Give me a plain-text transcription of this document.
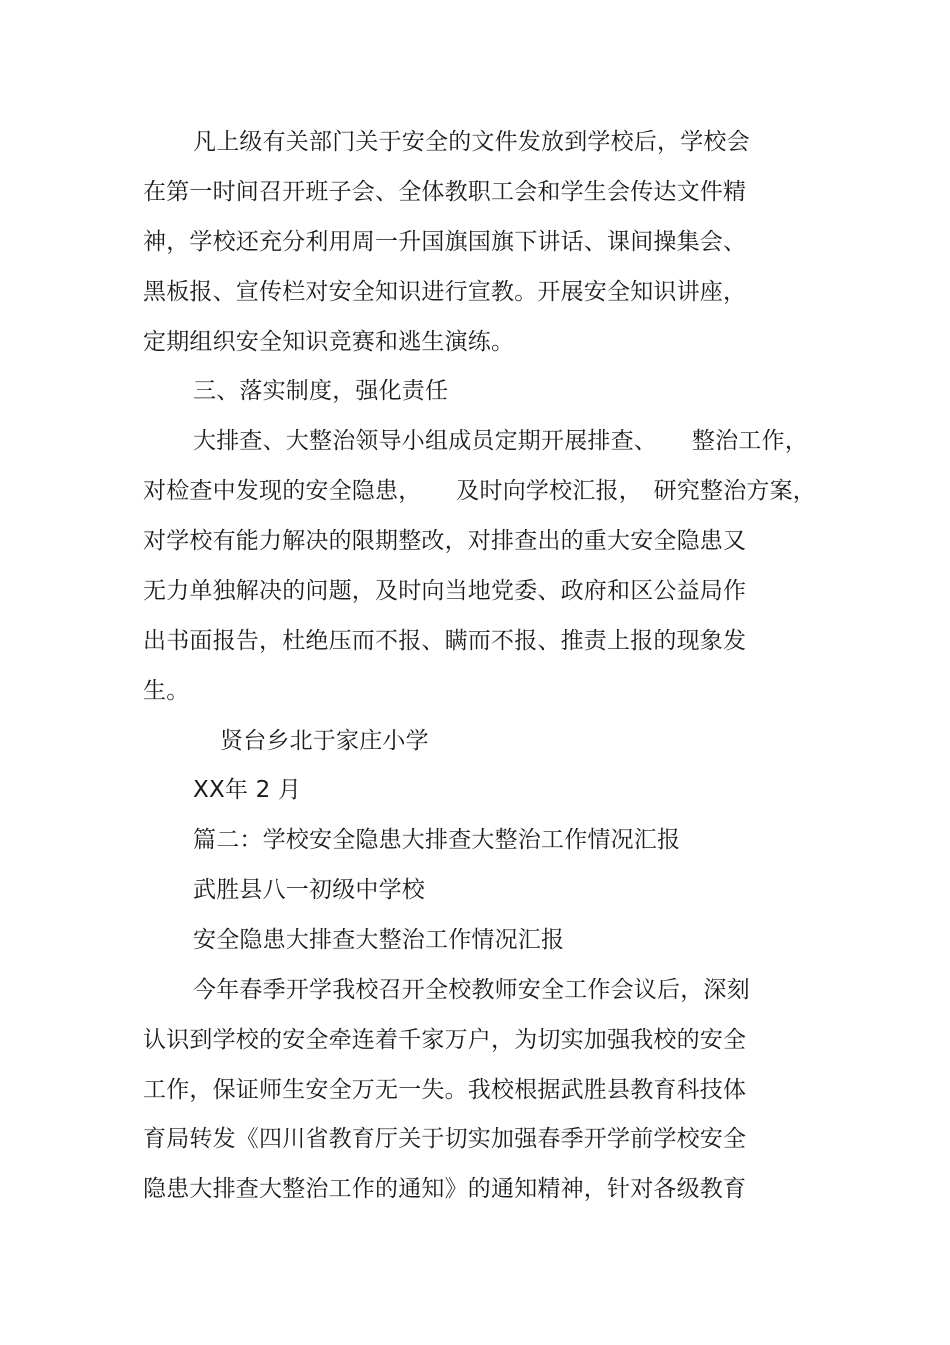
凡上级有关部门关于安全的文件发放到学校后，学校会
在第一时间召开班子会、全体教职工会和学生会传达文件精
神，学校还充分利用周一升国旗国旗下讲话、课间操集会、
黑板报、宣传栏对安全知识进行宣教。开展安全知识讲座，
定期组织安全知识竞赛和逃生演练。
三、落实制度，强化责任
大排查、大整治领导小组成员定期开展排查、　　整治工作，
对检查中发现的安全隐患，　　及时向学校汇报，　研究整治方案，
对学校有能力解决的限期整改，对排查出的重大安全隐患又
无力单独解决的问题，及时向当地党委、政府和区公益局作
出书面报告，杜绝压而不报、瞒而不报、推责上报的现象发
生。
贤台乡北于家庄小学
XX年 2 月
篇二：学校安全隐患大排查大整治工作情况汇报
武胜县八一初级中学校
安全隐患大排查大整治工作情况汇报
今年春季开学我校召开全校教师安全工作会议后，深刻
认识到学校的安全牵连着千家万户，为切实加强我校的安全
工作，保证师生安全万无一失。我校根据武胜县教育科技体
育局转发《四川省教育厅关于切实加强春季开学前学校安全
隐患大排查大整治工作的通知》的通知精神，针对各级教育
